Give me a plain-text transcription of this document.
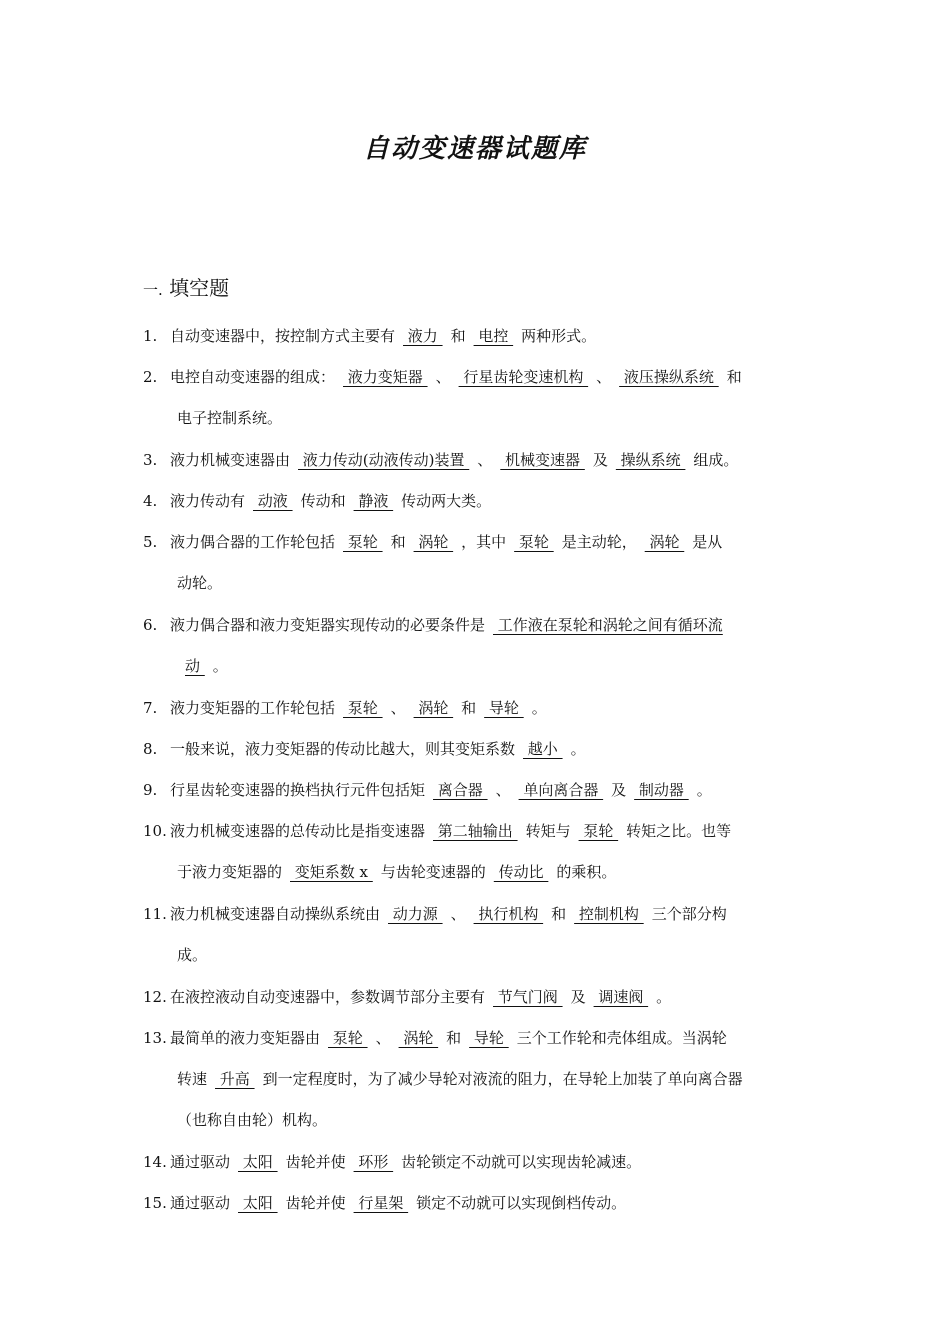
自动变速器试题库
一. 填空题
1. 自动变速器中，按控制方式主要有 液力 和 电控 两种形式。
2. 电控自动变速器的组成： 液力变矩器 、 行星齿轮变速机构 、 液压操纵系统 和
电子控制系统。
3. 液力机械变速器由 液力传动(动液传动)装置 、 机械变速器 及 操纵系统 组成。
4. 液力传动有 动液 传动和 静液 传动两大类。
5. 液力偶合器的工作轮包括 泵轮 和 涡轮 ，其中 泵轮 是主动轮， 涡轮 是从
动轮。
6. 液力偶合器和液力变矩器实现传动的必要条件是 工作液在泵轮和涡轮之间有循环流
动 。
7. 液力变矩器的工作轮包括 泵轮 、 涡轮 和 导轮 。
8. 一般来说，液力变矩器的传动比越大，则其变矩系数 越小 。
9. 行星齿轮变速器的换档执行元件包括矩 离合器 、 单向离合器 及 制动器 。
10. 液力机械变速器的总传动比是指变速器 第二轴输出 转矩与 泵轮 转矩之比。也等
于液力变矩器的 变矩系数 x 与齿轮变速器的 传动比 的乘积。
11. 液力机械变速器自动操纵系统由 动力源 、 执行机构 和 控制机构 三个部分构
成。
12. 在液控液动自动变速器中，参数调节部分主要有 节气门阀 及 调速阀 。
13. 最简单的液力变矩器由 泵轮 、 涡轮 和 导轮 三个工作轮和壳体组成。当涡轮
转速 升高 到一定程度时，为了减少导轮对液流的阻力，在导轮上加装了单向离合器
（也称自由轮）机构。
14. 通过驱动 太阳 齿轮并使 环形 齿轮锁定不动就可以实现齿轮减速。
15. 通过驱动 太阳 齿轮并使 行星架 锁定不动就可以实现倒档传动。
